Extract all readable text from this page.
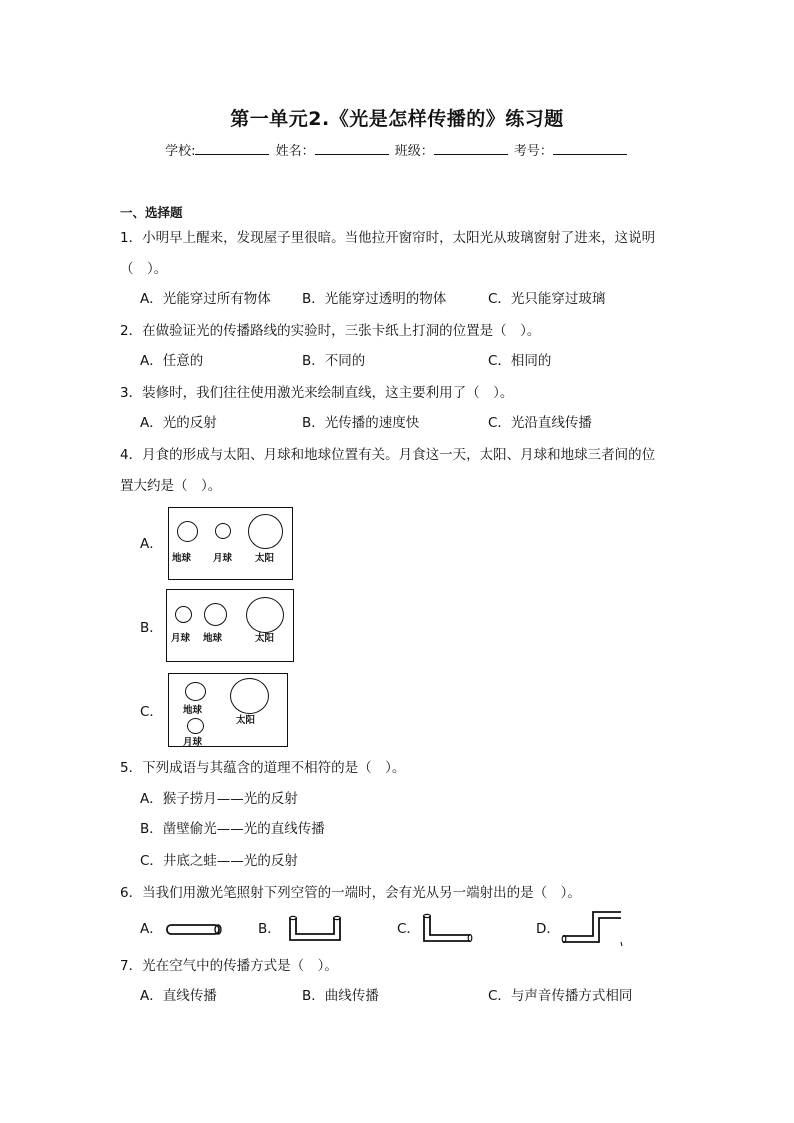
第一单元2.《光是怎样传播的》练习题
学校:	姓名：	班级：	考号：
一、选择题
1．小明早上醒来，发现屋子里很暗。当他拉开窗帘时，太阳光从玻璃窗射了进来，这说明
（　）。
A．光能穿过所有物体 B．光能穿过透明的物体	C．光只能穿过玻璃
2．在做验证光的传播路线的实验时，三张卡纸上打洞的位置是（　）。
A．任意的	B．不同的	C．相同的
3．装修时，我们往往使用激光来绘制直线，这主要利用了（　）。
A．光的反射	B．光传播的速度快	C．光沿直线传播
4．月食的形成与太阳、月球和地球位置有关。月食这一天，太阳、月球和地球三者间的位
置大约是（　）。
A．
地球 月球 太阳
B．
月球 地球	太阳
C． 地球
太阳
月球
5．下列成语与其蕴含的道理不相符的是（　）。
A．猴子捞月——光的反射
B．凿壁偷光——光的直线传播
C．井底之蛙——光的反射
6．当我们用激光笔照射下列空管的一端时，会有光从另一端射出的是（　）。
A．	B．	C．	D．
7．光在空气中的传播方式是（　）。
A．直线传播	B．曲线传播	C．与声音传播方式相同
